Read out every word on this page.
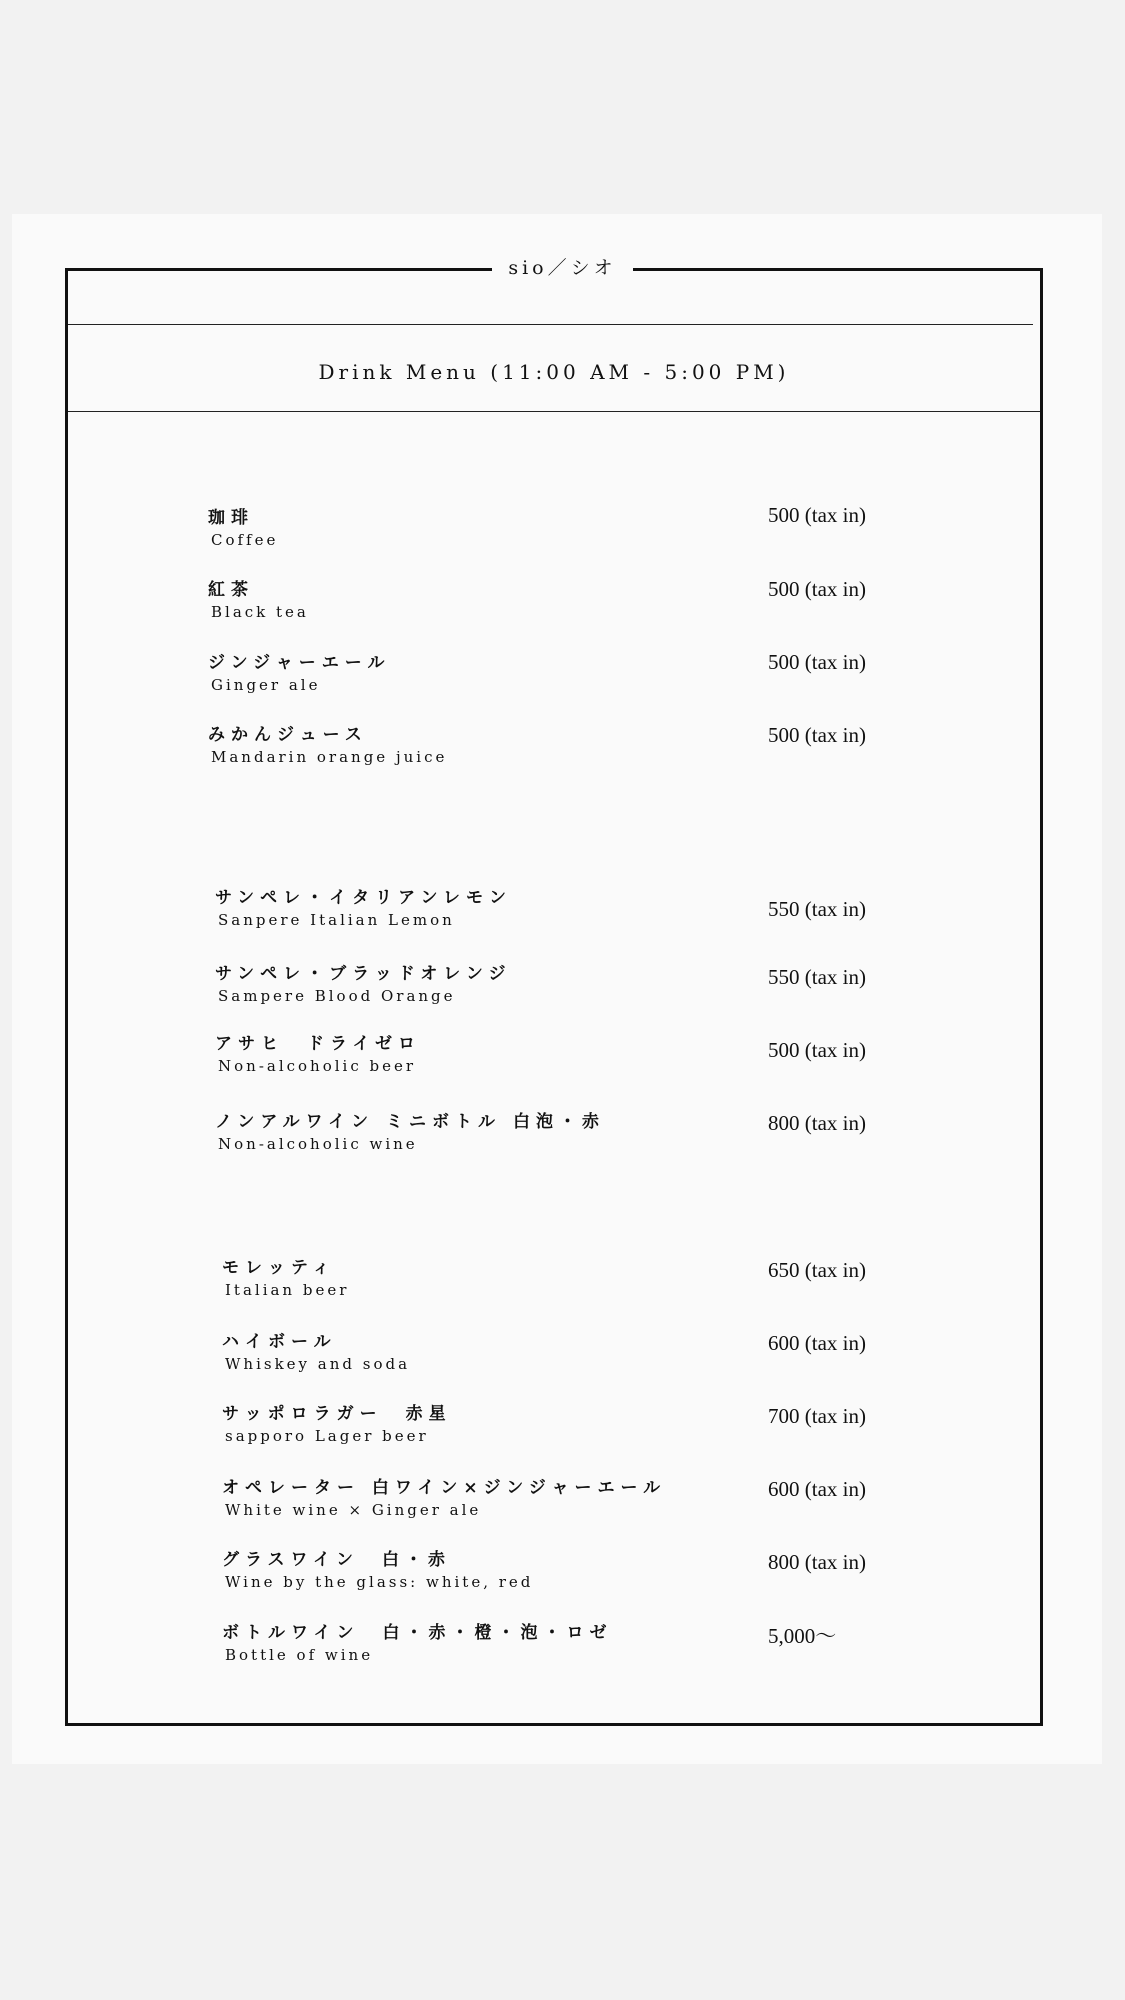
sio／シオ
Drink Menu (11:00 AM - 5:00 PM)
珈琲
Coffee
500 (tax in)
紅茶
Black tea
500 (tax in)
ジンジャーエール
Ginger ale
500 (tax in)
みかんジュース
Mandarin orange juice
500 (tax in)
サンペレ・イタリアンレモン
Sanpere Italian Lemon	550 (tax in)
サンペレ・ブラッドオレンジ
Sampere Blood Orange
550 (tax in)
アサヒ　ドライゼロ
Non-alcoholic beer
500 (tax in)
ノンアルワイン ミニボトル 白泡・赤
Non-alcoholic wine
800 (tax in)
モレッティ
Italian beer
650 (tax in)
ハイボール
Whiskey and soda
600 (tax in)
サッポロラガー　赤星
sapporo Lager beer
700 (tax in)
オペレーター 白ワイン×ジンジャーエール
White wine × Ginger ale
600 (tax in)
グラスワイン　白・赤
Wine by the glass: white, red
800 (tax in)
ボトルワイン　白・赤・橙・泡・ロゼ
Bottle of wine
5,000〜
